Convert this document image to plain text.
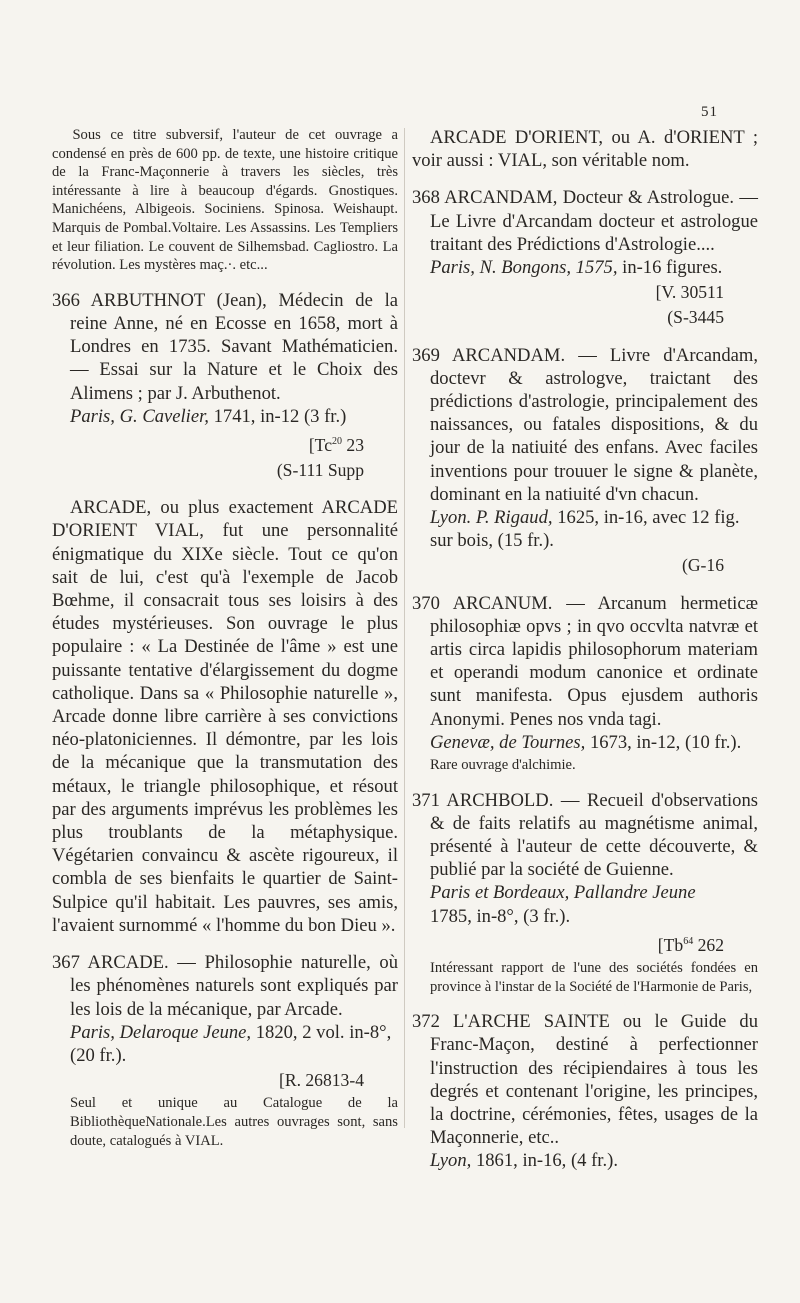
51

Sous ce titre subversif, l'auteur de cet ouvrage a condensé en près de 600 pp. de texte, une histoire critique de la Franc-Maçonnerie à travers les siècles, très intéressante à lire à beaucoup d'égards. Gnostiques. Manichéens, Albigeois. Sociniens. Spinosa. Weishaupt. Marquis de Pombal.Voltaire. Les Assassins. Les Templiers et leur filiation. Le couvent de Silhemsbad. Cagliostro. La révolution. Les mystères maç.·. etc...

366 ARBUTHNOT (Jean), Médecin de la reine Anne, né en Ecosse en 1658, mort à Londres en 1735. Savant Mathématicien. — Essai sur la Nature et le Choix des Alimens ; par J. Arbuthenot.

Paris, G. Cavelier, 1741, in-12 (3 fr.)

[Tc$^{20}$ 23

(S-111 Supp

ARCADE, ou plus exactement ARCADE D'ORIENT VIAL, fut une personnalité énigmatique du XIXe siècle. Tout ce qu'on sait de lui, c'est qu'à l'exemple de Jacob Bœhme, il consacrait tous ses loisirs à des études mystérieuses. Son ouvrage le plus populaire : « La Destinée de l'âme » est une puissante tentative d'élargissement du dogme catholique. Dans sa « Philosophie naturelle », Arcade donne libre carrière à ses convictions néo-platoniciennes. Il démontre, par les lois de la mécanique que la transmutation des métaux, le triangle philosophique, et résout par des arguments imprévus les problèmes les plus troublants de la métaphysique. Végétarien convaincu & ascète rigoureux, il combla de ses bienfaits le quartier de Saint-Sulpice qu'il habitait. Les pauvres, ses amis, l'avaient surnommé « l'homme du bon Dieu ».

367 ARCADE. — Philosophie naturelle, où les phénomènes naturels sont expliqués par les lois de la mécanique, par Arcade.

Paris, Delaroque Jeune, 1820, 2 vol. in-8°, (20 fr.).

[R. 26813-4

Seul et unique au Catalogue de la BibliothèqueNationale.Les autres ouvrages sont, sans doute, catalogués à VIAL.

ARCADE D'ORIENT, ou A. d'ORIENT ; voir aussi : VIAL, son véritable nom.

368 ARCANDAM, Docteur & Astrologue. — Le Livre d'Arcandam docteur et astrologue traitant des Prédictions d'Astrologie....

Paris, N. Bongons, 1575, in-16 figures.

[V. 30511

(S-3445

369 ARCANDAM. — Livre d'Arcandam, doctevr & astrologve, traictant des prédictions d'astrologie, principalement des naissances, ou fatales dispositions, & du jour de la natiuité des enfans. Avec faciles inventions pour trouuer le signe & planète, dominant en la natiuité d'vn chacun.

Lyon. P. Rigaud, 1625, in-16, avec 12 fig. sur bois, (15 fr.).

(G-16

370 ARCANUM. — Arcanum hermeticæ philosophiæ opvs ; in qvo occvlta natvræ et artis circa lapidis philosophorum materiam et operandi modum canonice et ordinate sunt manifesta. Opus ejusdem authoris Anonymi. Penes nos vnda tagi.

Genevæ, de Tournes, 1673, in-12, (10 fr.).

Rare ouvrage d'alchimie.

371 ARCHBOLD. — Recueil d'observations & de faits relatifs au magnétisme animal, présenté à l'auteur de cette découverte, & publié par la société de Guienne.

Paris et Bordeaux, Pallandre Jeune
1785, in-8°, (3 fr.).

[Tb$^{64}$ 262

Intéressant rapport de l'une des sociétés fondées en province à l'instar de la Société de l'Harmonie de Paris,

372 L'ARCHE SAINTE ou le Guide du Franc-Maçon, destiné à perfectionner l'instruction des récipiendaires à tous les degrés et contenant l'origine, les principes, la doctrine, cérémonies, fêtes, usages de la Maçonnerie, etc..

Lyon, 1861, in-16, (4 fr.).
